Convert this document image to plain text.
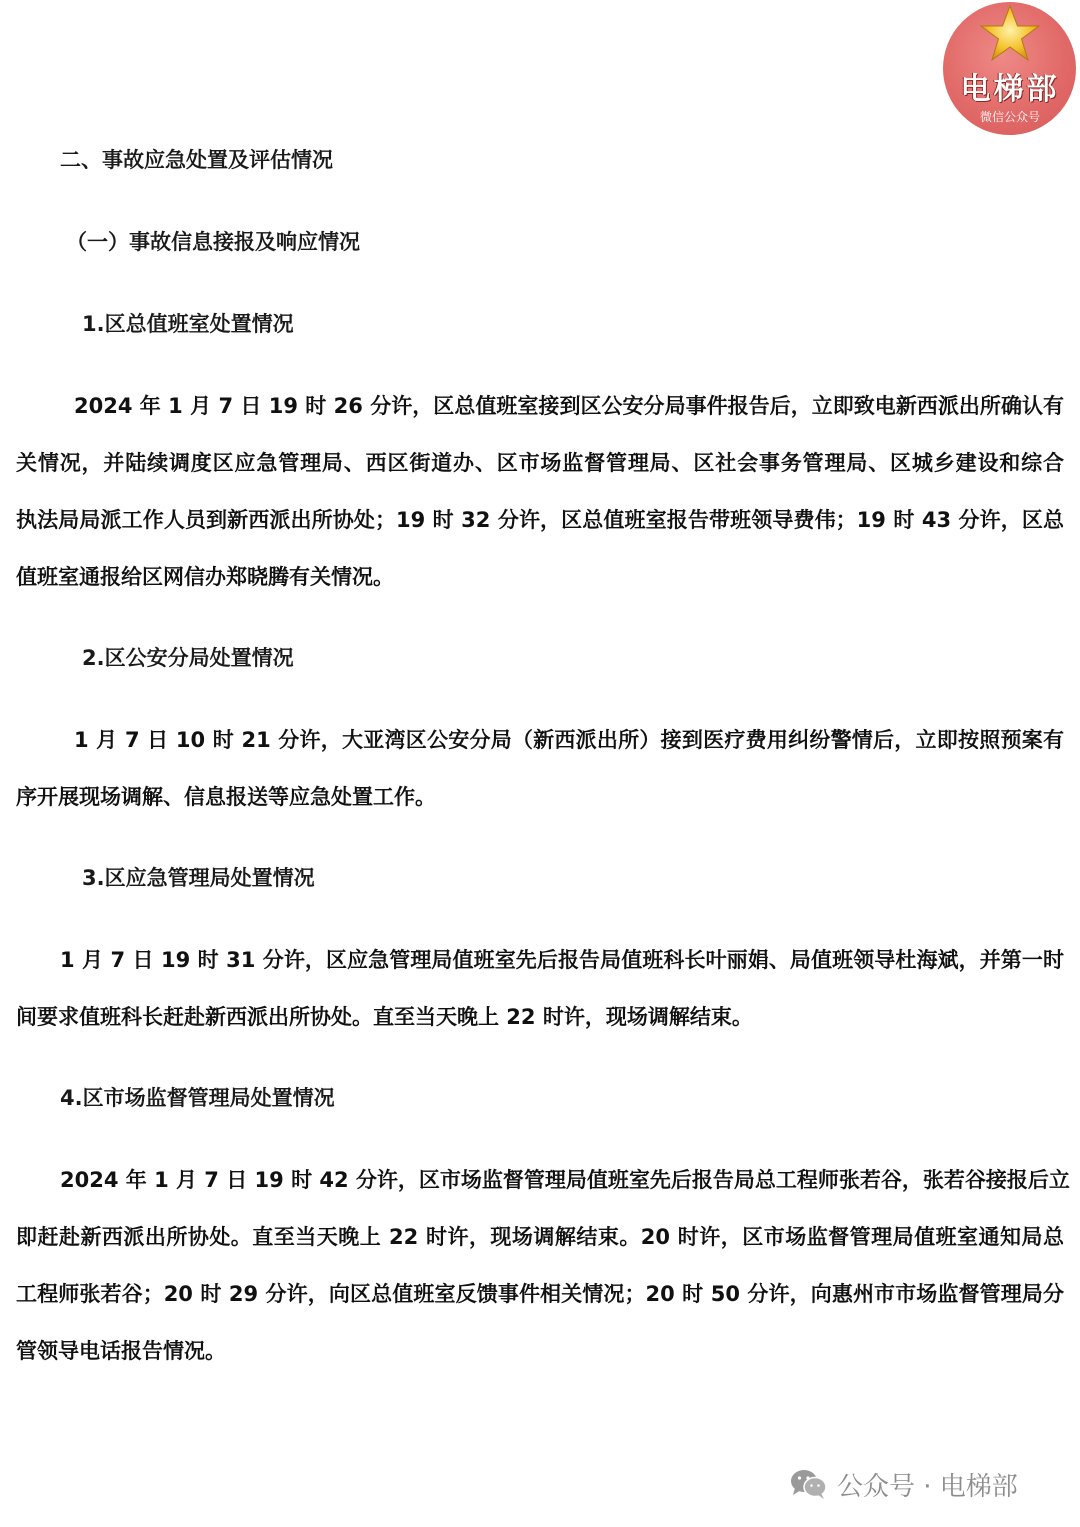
电梯部
微信公众号
二、事故应急处置及评估情况
（一）事故信息接报及响应情况
1.区总值班室处置情况
2024 年 1 月 7 日 19 时 26 分许，区总值班室接到区公安分局事件报告后，立即致电新西派出所确认有
关情况，并陆续调度区应急管理局、西区街道办、区市场监督管理局、区社会事务管理局、区城乡建设和综合
执法局局派工作人员到新西派出所协处；19 时 32 分许，区总值班室报告带班领导费伟；19 时 43 分许，区总
值班室通报给区网信办郑晓腾有关情况。
2.区公安分局处置情况
1 月 7 日 10 时 21 分许，大亚湾区公安分局（新西派出所）接到医疗费用纠纷警情后，立即按照预案有
序开展现场调解、信息报送等应急处置工作。
3.区应急管理局处置情况
1 月 7 日 19 时 31 分许，区应急管理局值班室先后报告局值班科长叶丽娟、局值班领导杜海斌，并第一时
间要求值班科长赶赴新西派出所协处。直至当天晚上 22 时许，现场调解结束。
4.区市场监督管理局处置情况
2024 年 1 月 7 日 19 时 42 分许，区市场监督管理局值班室先后报告局总工程师张若谷，张若谷接报后立
即赶赴新西派出所协处。直至当天晚上 22 时许，现场调解结束。20 时许，区市场监督管理局值班室通知局总
工程师张若谷；20 时 29 分许，向区总值班室反馈事件相关情况；20 时 50 分许，向惠州市市场监督管理局分
管领导电话报告情况。
公众号 · 电梯部
